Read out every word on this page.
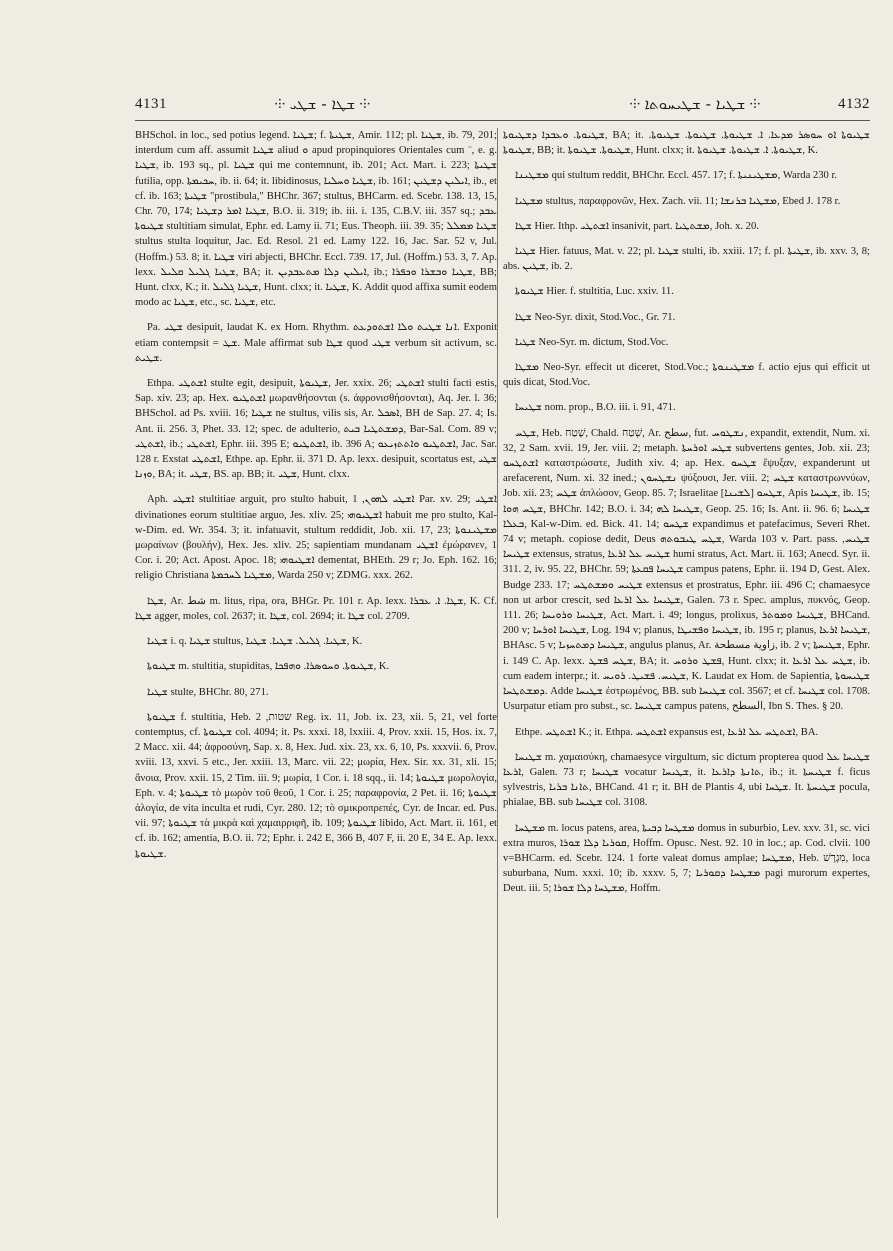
4131	⸭ ܫܛܐ - ܫܛܝ ⸭	⸭ ܫܛܝܐ - ܫܛܝܚܘܬܐ ⸭	4132

BHSchol. in loc., sed potius legend. ܫܛܝܐ; f. ܫܛܝܬܐ, Amir. 112; pl. ܫܛܝܐ, ib. 79, 201; interdum cum aff. assumit ܫܛܝܐ aliud ܘ apud propinquiores Orientales cum ¨, e. g. ܫܛܝܐ, ib. 193 sq., pl. ܫܛܝܐ qui me contemnunt, ib. 201; Act. Mart. i. 223; ܫܛܝܬܐ futilia, opp. ܚܟܝܡܬܐ, ib. ii. 64; it. libidinosus, ܫܛܝܐ ܘܚܠܝܐ, ib. 161; ܐܝܠܝܢ ܕܫܛܝܢ, ib., et cf. ib. 163; ܫܛܝܬܐ "prostibula," BHChr. 367; stultus, BHCarm. ed. Scebr. 138. 13, 15, Chr. 70, 174; ܫܛܝܐ ܐܡܪ ܕܫܛܝܐ, B.O. ii. 319; ib. iii. i. 135, C.B.V. iii. 357 sq.; ܥܒܕ ܫܛܝܘܬܐ stultitiam simulat, Ephr. ed. Lamy ii. 71; Eus. Theoph. iii. 39. 35; ܫܛܝܐ ܡܡܠܠ stultus stulta loquitur, Jac. Ed. Resol. 21 ed. Lamy 122. 16, Jac. Sar. 52 v, Jul. (Hoffm.) 53. 8; it. ܫܛܝܐ viri abjecti, BHChr. Eccl. 739. 17, Jul. (Hoffm.) 53. 3, 7. Ap. lexx. ܫܛܝܐ ܓܠܝܠ ܩܠܝܠ, BA; it. ܐܝܠܝܢ ܕܠܐ ܡܬܥܒܕܝܢ, ib.; ܫܛܝܐ ܘܒܫܪܐ ܘܟܦܪܐ, BB; Hunt. clxx, K.; it. ܫܛܝܐ ܓܠܝܠ, Hunt. clxx; it. ܫܛܝܐ, K. Addit quod affixa sumit eodem modo ac ܫܛܝܐ, etc., sc. ܫܛܝܐ, etc.

Pa. ܫܛܝ desipuit, laudat K. ex Hom. Rhythm. ܐܢܐ ܫܛܝܬ ܘܠܐ ܐܫܬܘܕܥܬ. Exponit etiam contempsit = ܫܛ. Male affirmat sub ܫܛܐ quod ܫܛܝ verbum sit activum, sc. ܫܛܝܬ.

Ethpa. ܐܫܬܛܝ stulte egit, desipuit, ܫܛܝܘܬܐ, Jer. xxix. 26; ܐܫܬܛܝ stulti facti estis, Sap. xiv. 23; ap. Hex. ܐܫܬܛܝܘ μωρανθήσονται (s. ἀφρονισθήσονται), Aq. Jer. l. 36; BHSchol. ad Ps. xviii. 16; ܫܛܝܐ ne stultus, vilis sis, Ar. ܐܣܟܠ, BH de Sap. 27. 4; Is. Ant. ii. 256. 3, Phet. 33. 12; spec. de adulterio, ܕܡܫܬܛܝܐ ܒܝܬ, Bar-Sal. Com. 89 v; ܐܫܬܛܝ, ib.; ܐܫܬܛܝ, Ephr. iii. 395 E; ܐܫܬܛܝܘ, ib. 396 A; ܐܫܬܛܝܘ ܘܐܬܬܙܝܥܘ, Jac. Sar. 128 r. Exstat ܐܫܬܛܝ, Ethpe. ap. Ephr. ii. 371 D. Ap. lexx. desipuit, scortatus est, ܫܛܝ ܘܙܢܐ, BA; it. ܫܛܝ, BS. ap. BB; it. ܫܛܝ, Hunt. clxx.

Aph. ܐܫܛܝ stultitiae arguit, pro stulto habuit, ܐܫܛܝ ܠܗܘܢ, 1 Par. xv. 29; ܐܫܛܝ divinationes eorum stultitiae arguo, Jes. xliv. 25; ܐܫܛܝܘܗܝ habuit me pro stulto, Kal-w-Dim. ed. Wr. 354. 3; it. infatuavit, stultum reddidit, Job. xii. 17, 23; ܡܫܛܝܢܘܬܐ μωραίνων (βουλήν), Hex. Jes. xliv. 25; sapientiam mundanam ܐܫܛܝ ἐμώρανεν, 1 Cor. i. 20; Act. Apost. Apoc. 18; ܐܫܛܝܘܗܝ dementat, BHEth. 29 r; Jo. Eph. 162. 16; religio Christiana ܡܫܛܝܐ ܠܚܟܡܬܐ, Warda 250 v; ZDMG. xxx. 262.

ܫܛܐ, Ar. شط m. litus, ripa, ora, BHGr. Pr. 101 r. Ap. lexx. ܫܛܐ. ܐ. ܥܒܪܐ, K. Cf. ܫܛܐ agger, moles, col. 2637; it. ܫܛܐ, col. 2694; it. ܫܛܐ col. 2709.

ܫܛܝܐ i. q. ܫܛܝܐ stultus, ܫܛܝܐ. ܓܠܝܠ. ܫܛܝܐ. ܫܛܝܐ, K.

ܫܛܝܘܬܐ m. stultitia, stupiditas, ܫܛܝܘܬܐ. ܘܚܘܣܪܐ. ܘܗܦܟܐ, K.

ܫܛܝܐ stulte, BHChr. 80, 271.

ܫܛܝܘܬܐ f. stultitia, Heb. שטות, 2 Reg. ix. 11, Job. ix. 23, xii. 5, 21, vel forte contemptus, cf. ܫܛܝܘܬܐ col. 4094; it. Ps. xxxi. 18, lxxiii. 4, Prov. xxii. 15, Hos. ix. 7, 2 Macc. xii. 44; ἀφροσύνη, Sap. x. 8, Hex. Jud. xix. 23, xx. 6, 10, Ps. xxxvii. 6, Prov. xviii. 13, xxvi. 5 etc., Jer. xxiii. 13, Marc. vii. 22; μωρία, Hex. Sir. xx. 31, xli. 15; ἄνοια, Prov. xxii. 15, 2 Tim. iii. 9; μωρία, 1 Cor. i. 18 sqq., ii. 14; ܫܛܝܘܬܐ μωρολογία, Eph. v. 4; ܫܛܝܘܬܐ τὸ μωρὸν τοῦ θεοῦ, 1 Cor. i. 25; παραφρονία, 2 Pet. ii. 16; ܫܛܝܘܬܐ ἀλογία, de vita inculta et rudi, Cyr. 280. 12; τὸ σμικροπρεπές, Cyr. de Incar. ed. Pus. vii. 97; ܫܛܝܘܬܐ τὰ μικρὰ καὶ χαμαιρριφῆ, ib. 109; ܫܛܝܘܬܐ libido, Act. Mart. ii. 161, et cf. ib. 162; amentia, B.O. ii. 72; Ephr. i. 242 E, 366 B, 407 F, ii. 20 E, 34 E. Ap. lexx. ܫܛܝܘܬܐ.

ܫܛܝܘܬܐ. ܘܥܒܕܐ ܕܫܛܝܘܬܐ, BA; it. ܫܛܝܘܬܐ ܐܘ ܚܘܣܪ ܡܕܥܐ. ܐ. ܫܛܝܘܬܐ. ܫܛܝܘܬܐ. ܫܛܝܘܬܐ. ܫܛܝܘܬܐ, BB; it. ܫܛܝܘܬܐ. ܫܛܝܘܬܐ, Hunt. clxx; it. ܫܛܝܘܬܐ. ܐ. ܫܛܝܘܬܐ. ܫܛܝܘܬܐ, K.

ܡܫܛܝܢܐ qui stultum reddit, BHChr. Eccl. 457. 17; f. ܡܫܛܝܢܝܬܐ, Warda 230 r.

ܡܫܛܝܐ stultus, παραφρονῶν, Hex. Zach. vii. 11; ܡܫܛܝܐ ܒܪܢܫܐ, Ebed J. 178 r.

ܫܛܐ Hier. Ithp. ܐܫܬܛܝ insanivit, part. ܡܫܬܛܝܐ, Joh. x. 20.

ܫܛܝܐ Hier. fatuus, Mat. v. 22; pl. ܫܛܝܐ stulti, ib. xxiii. 17; f. pl. ܫܛܝܬܐ, ib. xxv. 3, 8; abs. ܫܛܝܢ, ib. 2.

ܫܛܝܘܬܐ Hier. f. stultitia, Luc. xxiv. 11.

ܫܛܐ Neo-Syr. dixit, Stod.Voc., Gr. 71.

ܫܛܝܐ Neo-Syr. m. dictum, Stod.Voc.

ܡܫܛܐ Neo-Syr. effecit ut diceret, Stod.Voc.; ܡܫܛܝܢܘܬܐ f. actio ejus qui efficit ut quis dicat, Stod.Voc.

ܫܛܝܚܐ nom. prop., B.O. iii. i. 91, 471.

ܫܛܚ, Heb. שָׁטַח, Chald. שְׁטַח, Ar. سطح, fut. ܢܫܛܘܚ, expandit, extendit, Num. xi. 32, 2 Sam. xvii. 19, Jer. viii. 2; metaph. ܫܛܚ ܐܘܪܚܬܐ subvertens gentes, Job. xii. 23; ܐܫܬܛܚܘ καταστρώσατε, Judith xiv. 4; ap. Hex. ܫܛܚܘ ἔψυξαν, expanderunt ut arefacerent, Num. xi. 32 ined.; ܢܫܛܚܘܢ ψύξουσι, Jer. viii. 2; ܫܛܚ καταστρωννύων, Job. xii. 23; ܫܛܚ ἁπλώσον, Geop. 85. 7; Israelitae ܫܛܚܘ [ܠܫܝܢܐ], Apis ܫܛܝܚܐ, ib. 15; ܫܛܚ ܗܘܐ, BHChr. 142; B.O. i. 34; ܫܛܝܚܐ ܠܗ, Geop. 25. 16; Is. Ant. ii. 96. 6; ܫܛܝܚܐ ܒܥܠܐ, Kal-w-Dim. ed. Bick. 41. 14; ܫܛܚܘ expandimus et patefacimus, Severi Rhet. 74 v; metaph. copiose dedit, Deus ܫܛܚ ܛܝܒܘܬܗ, Warda 103 v. Part. pass. ܫܛܝܚ, ܫܛܝܚܐ extensus, stratus, ܫܛܝܚ ܥܠ ܐܪܥܐ humi stratus, Act. Mart. ii. 163; Anecd. Syr. ii. 311. 2, iv. 95. 22, BHChr. 59; ܫܛܝܚܐ ܦܩܥܬܐ campus patens, Ephr. ii. 194 D, Gest. Alex. Budge 233. 17; ܫܛܝܚ ܘܡܫܬܛܚ extensus et prostratus, Ephr. iii. 496 C; chamaesyce non ut arbor crescit, sed ܫܛܝܚܐ ܥܠ ܐܪܥܐ, Galen. 73 r. Spec. amplus, πυκνός, Geop. 111. 26; ܫܛܝܚܐ ܘܪܘܝܚܐ, Act. Mart. i. 49; longus, prolixus, ܫܛܝܚܐ ܘܡܘܬܪ, BHCand. 200 v; ܫܛܝܚܐ ܐܘܪܚܐ, Log. 194 v; planus, ܫܛܝܚܐ ܘܦܫܝܛܐ, ib. 195 r; planus, ܫܛܝܚܐ ܐܪܥܐ, BHAsc. 5 v; ܫܛܝܚܐ ܕܡܬܚܙܝܐ, angulus planus, Ar. زاوية مسطحة, ib. 2 v; ܫܛܝܚܬܐ, Ephr. i. 149 C. Ap. lexx. ܫܛܚ ܦܫܛ, BA; it. ܦܫܛ ܘܪܘܚ, Hunt. clxx; it. ܫܛܚ ܥܠ ܐܪܥܐ, ib. cum eadem interpr.; it. ܫܛܝܚ. ܦܫܝܛ. ܪܘܝܚ, K. Laudat ex Hom. de Sapientia, ܫܛܝܚܘܬܐ ܕܡܫܬܛܚܐ. Adde ܫܛܝܚܐ ἐστρωμένος, BB. sub ܫܛܝܚܐ col. 3567; et cf. ܫܛܝܚܐ col. 1708. Usurpatur etiam pro subst., sc. ܫܛܝܚܐ campus patens, السطح, Ibn S. Thes. § 20.

Ethpe. ܐܫܬܛܚ K.; it. Ethpa. ܐܫܬܛܚ expansus est, ܐܫܬܛܚ ܥܠ ܐܪܥܐ, BA.

ܫܛܝܚܐ m. χαμαισύκη, chamaesyce virgultum, sic dictum propterea quod ܫܛܝܚܐ ܥܠ ܐܪܥܐ, Galen. 73 r; ܫܛܝܚܐ vocatur ܫܛܝܚܐ, it. ܬܐܢܬܐ ܕܐܪܥܐ, ib.; it. ܫܛܝܚܬܐ f. ficus sylvestris, ܬܐܢܐ ܒܪܝܐ, BHCand. 41 r; it. BH de Plantis 4, ubi ܫܛܚܐ. It. ܫܛܝܚܬܐ pocula, phialae, BB. sub ܫܛܝܚܐ col. 3108.

ܡܫܛܚܐ m. locus patens, area, ܡܫܛܚܐ ܕܒܝܬܐ domus in suburbio, Lev. xxv. 31, sc. vici extra muros, ܩܘܪܝܐ ܕܠܐ ܫܘܪܐ, Hoffm. Opusc. Nest. 92. 10 in loc.; ap. Cod. clvii. 100 v=BHCarm. ed. Scebr. 124. 1 forte valeat domus amplae; ܡܫܛܚܐ, Heb. מִגְרָשׁ, loca suburbana, Num. xxxi. 10; ib. xxxv. 5, 7; ܡܫܛܚܐ ܕܩܘܪܝܐ pagi murorum expertes, Deut. iii. 5; ܡܫܛܚܐ ܕܠܐ ܫܘܪܐ, Hoffm.
